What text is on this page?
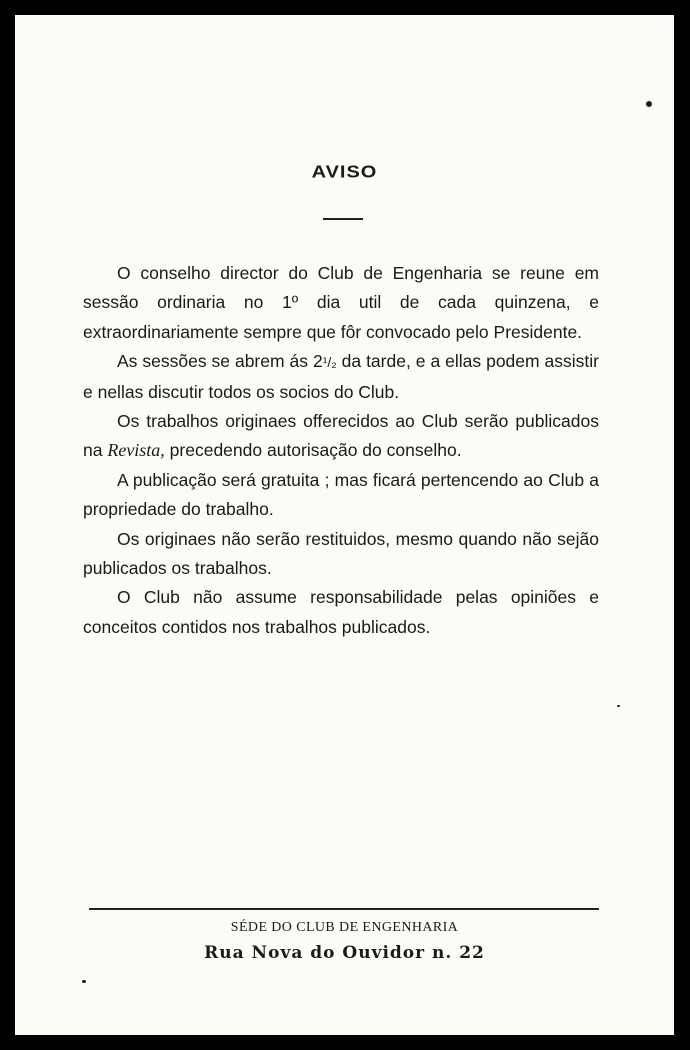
AVISO

O conselho director do Club de Engenharia se reune em sessão ordinaria no 1º dia util de cada quinzena, e extraordinariamente sempre que fôr convocado pelo Presidente.

As sessões se abrem ás 2¹/₂ da tarde, e a ellas podem assistir e nellas discutir todos os socios do Club.

Os trabalhos originaes offerecidos ao Club serão publicados na Revista, precedendo autorisação do conselho.

A publicação será gratuita ; mas ficará pertencendo ao Club a propriedade do trabalho.

Os originaes não serão restituidos, mesmo quando não sejão publicados os trabalhos.

O Club não assume responsabilidade pelas opiniões e conceitos contidos nos trabalhos publicados.

SÉDE DO CLUB DE ENGENHARIA
Rua Nova do Ouvidor n. 22
